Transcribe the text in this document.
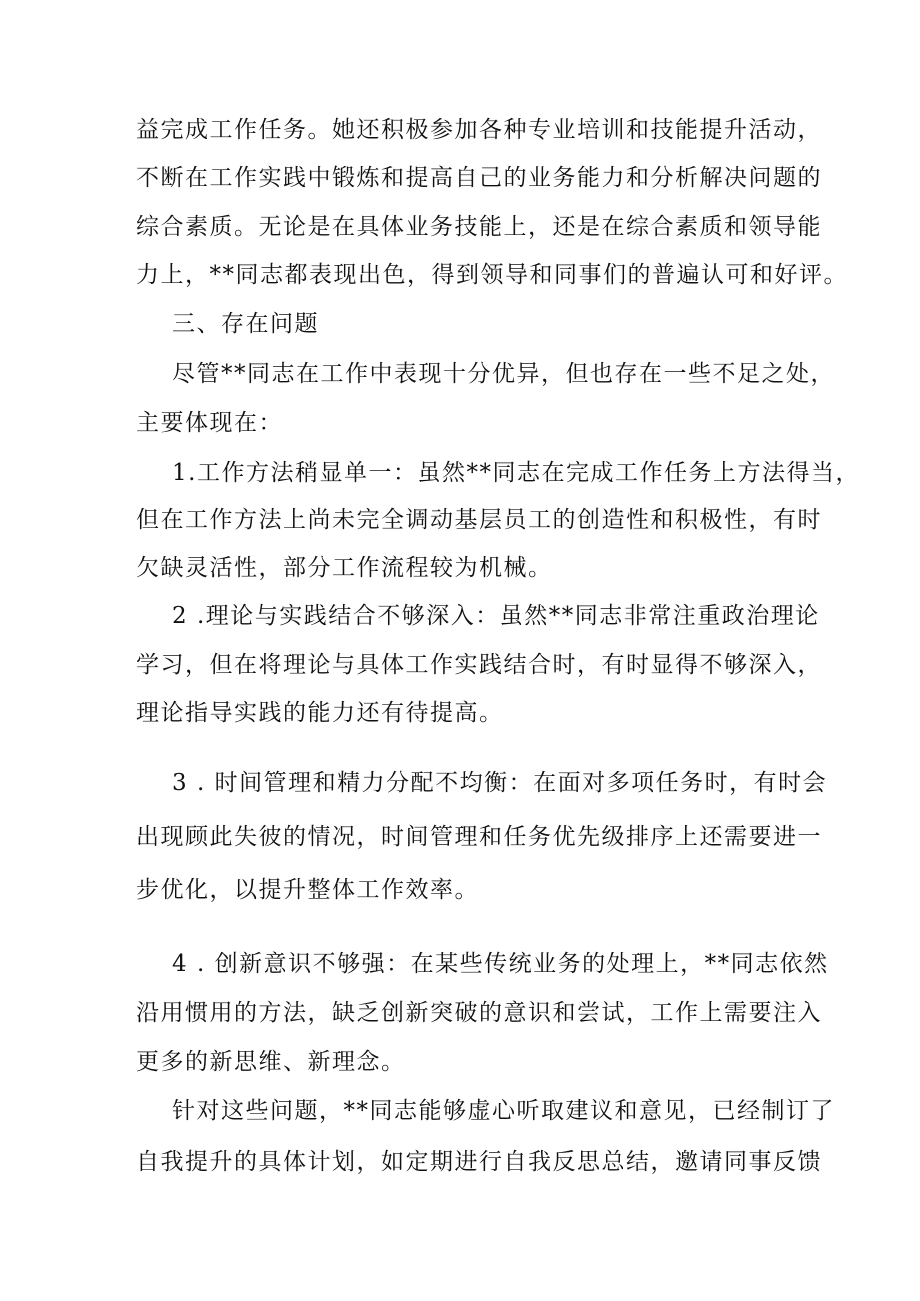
益完成工作任务。她还积极参加各种专业培训和技能提升活动，
不断在工作实践中锻炼和提高自己的业务能力和分析解决问题的
综合素质。无论是在具体业务技能上，还是在综合素质和领导能
力上，**同志都表现出色，得到领导和同事们的普遍认可和好评。
三、存在问题
尽管**同志在工作中表现十分优异，但也存在一些不足之处，
主要体现在：
1.工作方法稍显单一：虽然**同志在完成工作任务上方法得当，
但在工作方法上尚未完全调动基层员工的创造性和积极性，有时
欠缺灵活性，部分工作流程较为机械。
2 .理论与实践结合不够深入：虽然**同志非常注重政治理论
学习，但在将理论与具体工作实践结合时，有时显得不够深入，
理论指导实践的能力还有待提高。
3 . 时间管理和精力分配不均衡：在面对多项任务时，有时会
出现顾此失彼的情况，时间管理和任务优先级排序上还需要进一
步优化，以提升整体工作效率。
4 . 创新意识不够强：在某些传统业务的处理上，**同志依然
沿用惯用的方法，缺乏创新突破的意识和尝试，工作上需要注入
更多的新思维、新理念。
针对这些问题，**同志能够虚心听取建议和意见，已经制订了
自我提升的具体计划，如定期进行自我反思总结，邀请同事反馈
